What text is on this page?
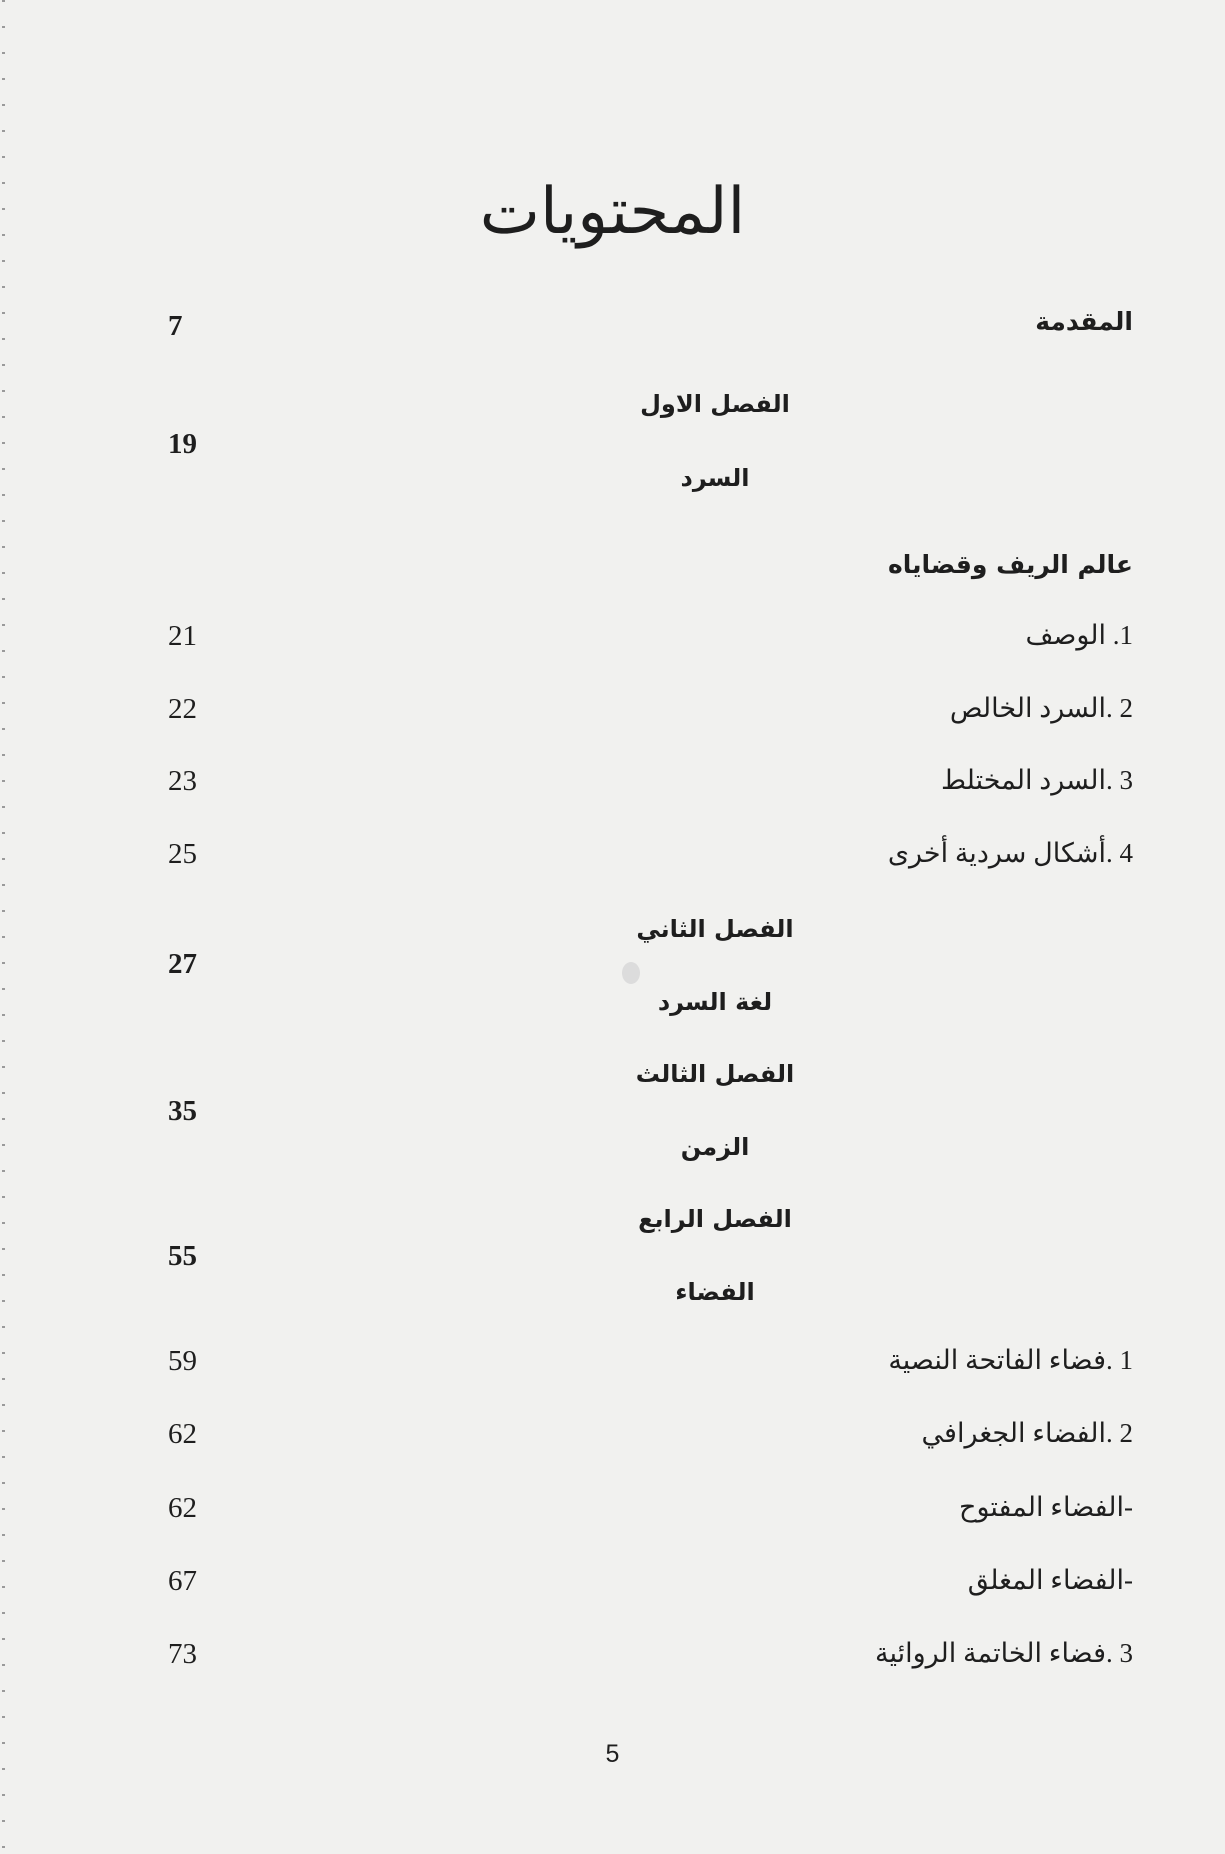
المحتويات
المقدمة
7
الفصل الاول
السرد
19
عالم الريف وقضاياه
1. الوصف
21
2 .السرد الخالص
22
3 .السرد المختلط
23
4 .أشكال سردية أخرى
25
الفصل الثاني
لغة السرد
27
الفصل الثالث
الزمن
35
الفصل الرابع
الفضاء
55
1 .فضاء الفاتحة النصية
59
2 .الفضاء الجغرافي
62
-الفضاء المفتوح
62
-الفضاء المغلق
67
3 .فضاء الخاتمة الروائية
73
5
